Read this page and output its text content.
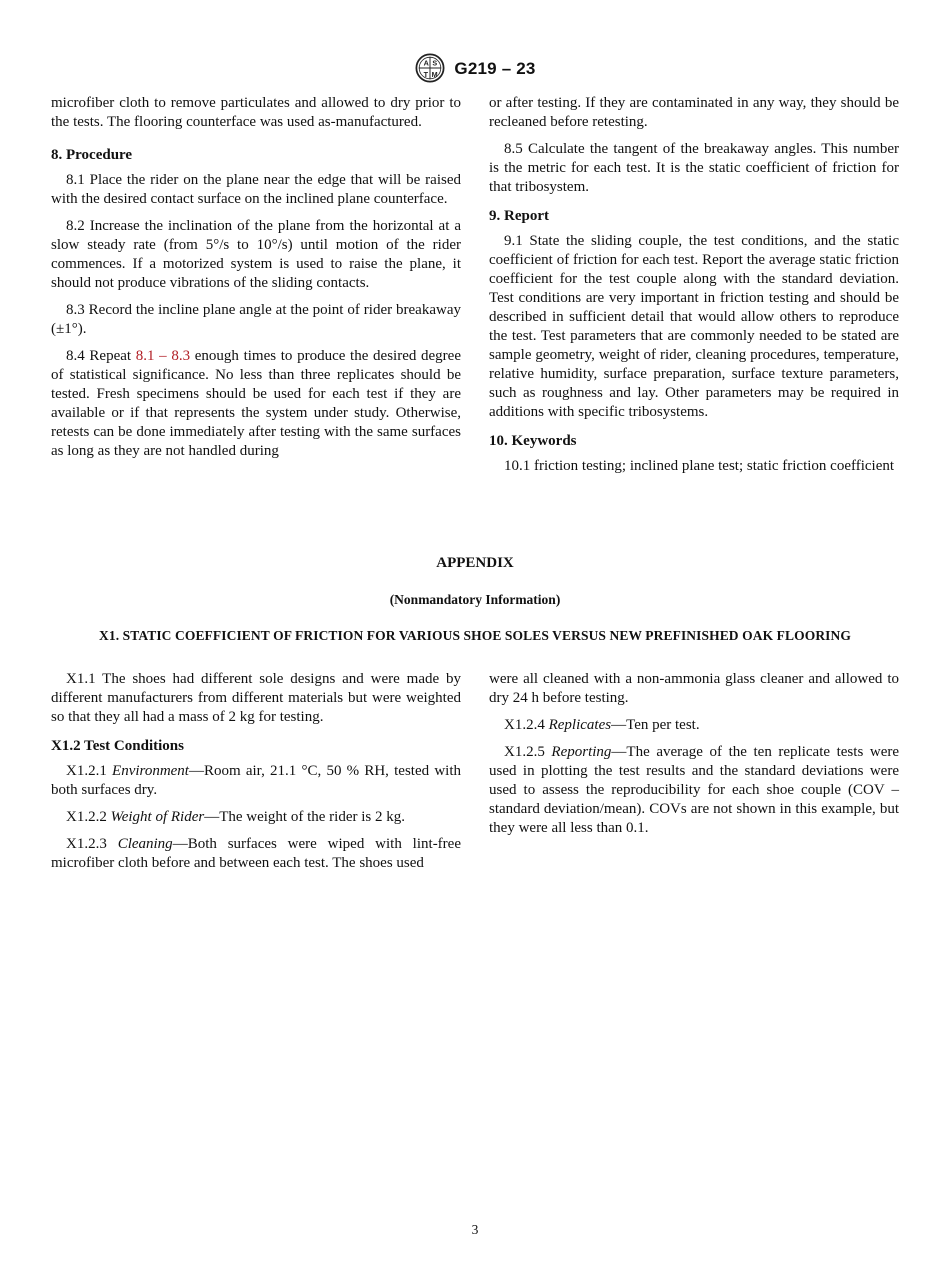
A S
T M G219 – 23

microfiber cloth to remove particulates and allowed to dry prior to the tests. The flooring counterface was used as-manufactured.

8. Procedure

8.1 Place the rider on the plane near the edge that will be raised with the desired contact surface on the inclined plane counterface.

8.2 Increase the inclination of the plane from the horizontal at a slow steady rate (from 5°/s to 10°/s) until motion of the rider commences. If a motorized system is used to raise the plane, it should not produce vibrations of the sliding contacts.

8.3 Record the incline plane angle at the point of rider breakaway (±1°).

8.4 Repeat 8.1 – 8.3 enough times to produce the desired degree of statistical significance. No less than three replicates should be tested. Fresh specimens should be used for each test if they are available or if that represents the system under study. Otherwise, retests can be done immediately after testing with the same surfaces as long as they are not handled during

or after testing. If they are contaminated in any way, they should be recleaned before retesting.

8.5 Calculate the tangent of the breakaway angles. This number is the metric for each test. It is the static coefficient of friction for that tribosystem.

9. Report

9.1 State the sliding couple, the test conditions, and the static coefficient of friction for each test. Report the average static friction coefficient for the test couple along with the standard deviation. Test conditions are very important in friction testing and should be described in sufficient detail that would allow others to reproduce the test. Test parameters that are commonly needed to be stated are sample geometry, weight of rider, cleaning procedures, temperature, relative humidity, surface preparation, surface texture parameters, such as roughness and lay. Other parameters may be required in additions with specific tribosystems.

10. Keywords

10.1 friction testing; inclined plane test; static friction coefficient

APPENDIX
(Nonmandatory Information)
X1. STATIC COEFFICIENT OF FRICTION FOR VARIOUS SHOE SOLES VERSUS NEW PREFINISHED OAK FLOORING

X1.1 The shoes had different sole designs and were made by different manufacturers from different materials but were weighted so that they all had a mass of 2 kg for testing.

X1.2 Test Conditions

X1.2.1 Environment—Room air, 21.1 °C, 50 % RH, tested with both surfaces dry.

X1.2.2 Weight of Rider—The weight of the rider is 2 kg.

X1.2.3 Cleaning—Both surfaces were wiped with lint-free microfiber cloth before and between each test. The shoes used

were all cleaned with a non-ammonia glass cleaner and allowed to dry 24 h before testing.

X1.2.4 Replicates—Ten per test.

X1.2.5 Reporting—The average of the ten replicate tests were used in plotting the test results and the standard deviations were used to assess the reproducibility for each shoe couple (COV – standard deviation/mean). COVs are not shown in this example, but they were all less than 0.1.

3
